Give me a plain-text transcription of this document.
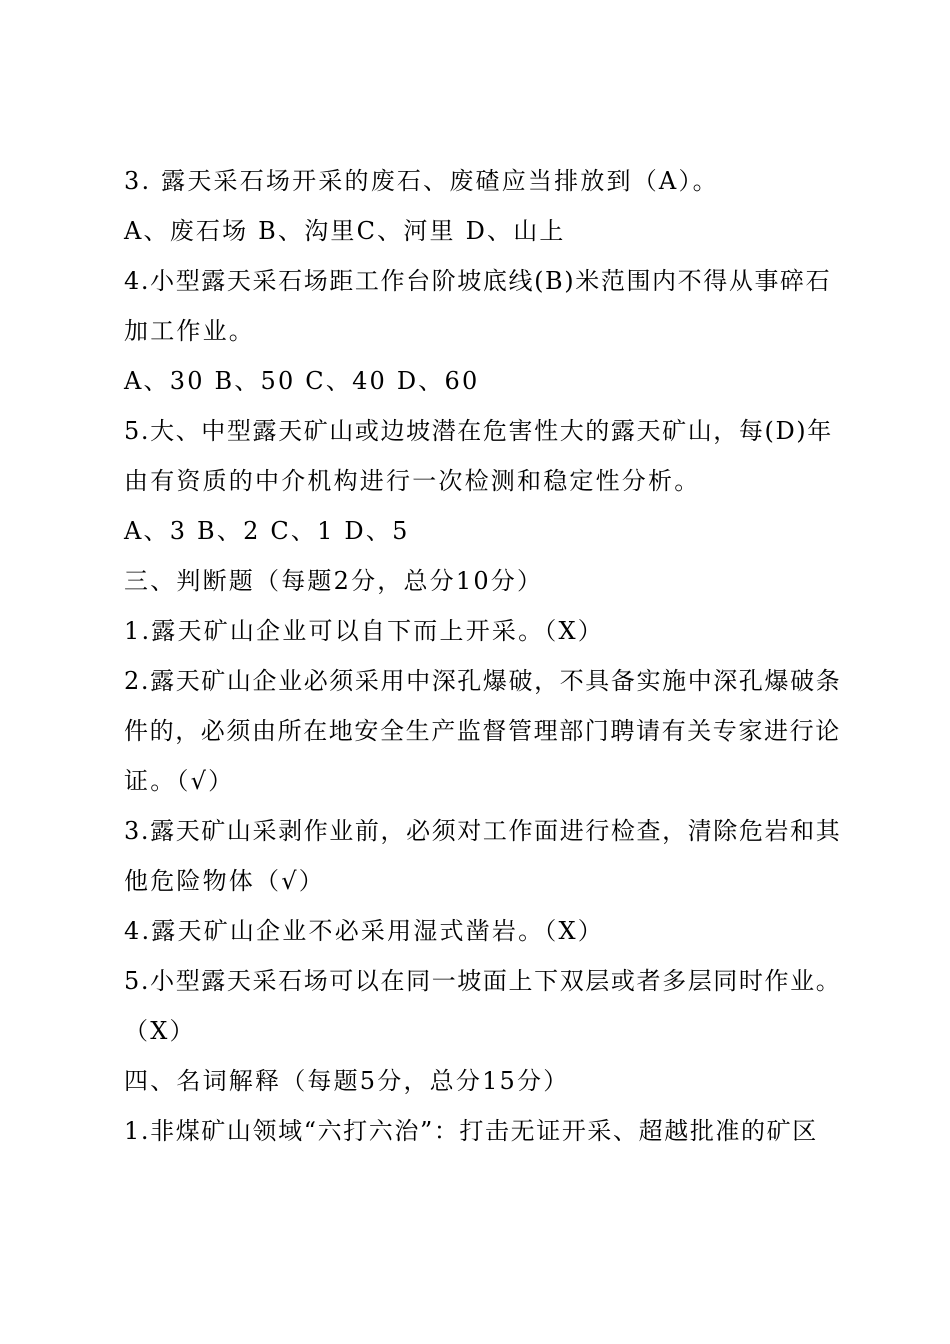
3. 露天采石场开采的废石、废碴应当排放到（A）。
A、废石场 B、沟里C、河里 D、山上
4.小型露天采石场距工作台阶坡底线(B)米范围内不得从事碎石
加工作业。
A、30 B、50 C、40 D、60
5.大、中型露天矿山或边坡潜在危害性大的露天矿山，每(D)年
由有资质的中介机构进行一次检测和稳定性分析。
A、3 B、2 C、1 D、5
三、判断题（每题2分，总分10分）
1.露天矿山企业可以自下而上开采。（X）
2.露天矿山企业必须采用中深孔爆破，不具备实施中深孔爆破条
件的，必须由所在地安全生产监督管理部门聘请有关专家进行论
证。（√）
3.露天矿山采剥作业前，必须对工作面进行检查，清除危岩和其
他危险物体（√）
4.露天矿山企业不必采用湿式凿岩。（X）
5.小型露天采石场可以在同一坡面上下双层或者多层同时作业。
（X）
四、名词解释（每题5分，总分15分）
1.非煤矿山领域“六打六治”：打击无证开采、超越批准的矿区
